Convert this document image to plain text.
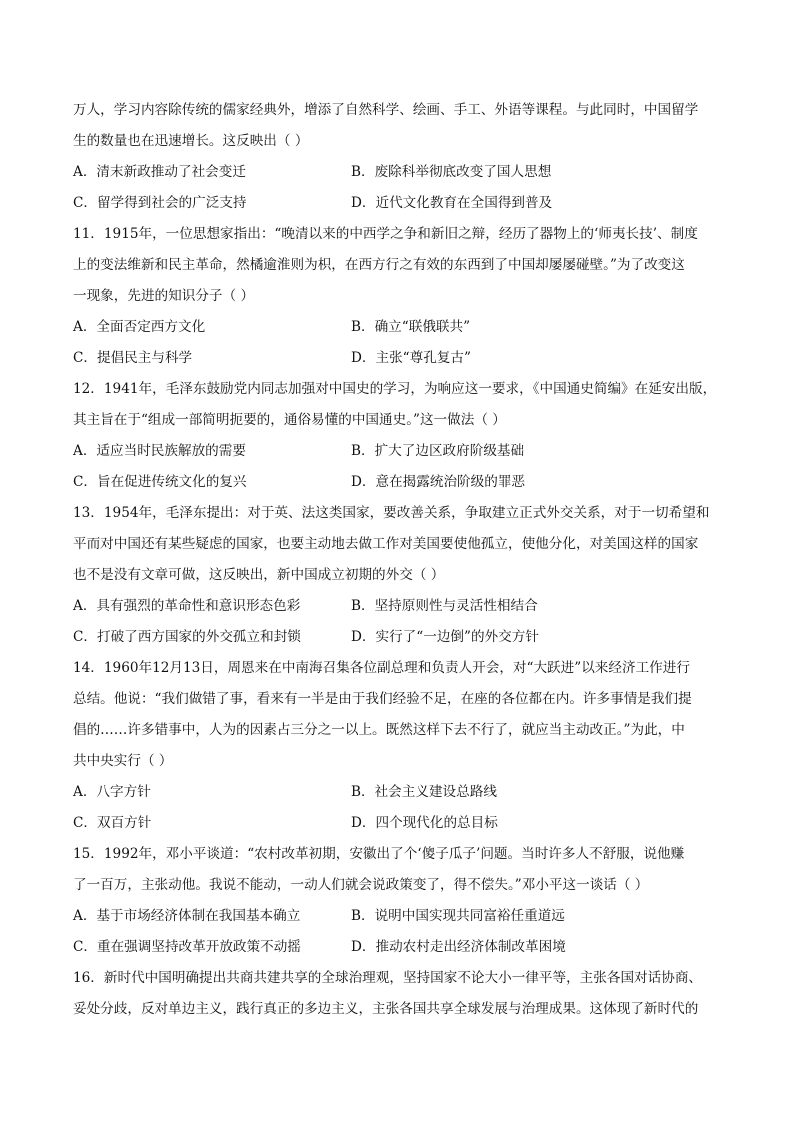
万人，学习内容除传统的儒家经典外，增添了自然科学、绘画、手工、外语等课程。与此同时，中国留学
生的数量也在迅速增长。这反映出（ ）
A．清末新政推动了社会变迁	B．废除科举彻底改变了国人思想
C．留学得到社会的广泛支持	D．近代文化教育在全国得到普及
11．1915年，一位思想家指出：“晚清以来的中西学之争和新旧之辩，经历了器物上的‘师夷长技’、制度
上的变法维新和民主革命，然橘逾淮则为枳，在西方行之有效的东西到了中国却屡屡碰壁。”为了改变这
一现象，先进的知识分子（ ）
A．全面否定西方文化	B．确立“联俄联共”
C．提倡民主与科学	D．主张“尊孔复古”
12．1941年，毛泽东鼓励党内同志加强对中国史的学习，为响应这一要求，《中国通史简编》在延安出版，
其主旨在于“组成一部简明扼要的，通俗易懂的中国通史。”这一做法（ ）
A．适应当时民族解放的需要	B．扩大了边区政府阶级基础
C．旨在促进传统文化的复兴	D．意在揭露统治阶级的罪恶
13．1954年，毛泽东提出：对于英、法这类国家，要改善关系，争取建立正式外交关系，对于一切希望和
平而对中国还有某些疑虑的国家，也要主动地去做工作对美国要使他孤立，使他分化，对美国这样的国家
也不是没有文章可做，这反映出，新中国成立初期的外交（ ）
A．具有强烈的革命性和意识形态色彩	B．坚持原则性与灵活性相结合
C．打破了西方国家的外交孤立和封锁	D．实行了“一边倒”的外交方针
14．1960年12月13日，周恩来在中南海召集各位副总理和负责人开会，对“大跃进”以来经济工作进行
总结。他说：“我们做错了事，看来有一半是由于我们经验不足，在座的各位都在内。许多事情是我们提
倡的……许多错事中，人为的因素占三分之一以上。既然这样下去不行了，就应当主动改正。”为此，中
共中央实行（ ）
A．八字方针	B．社会主义建设总路线
C．双百方针	D．四个现代化的总目标
15．1992年，邓小平谈道：“农村改革初期，安徽出了个‘傻子瓜子’问题。当时许多人不舒服，说他赚
了一百万，主张动他。我说不能动，一动人们就会说政策变了，得不偿失。”邓小平这一谈话（ ）
A．基于市场经济体制在我国基本确立	B．说明中国实现共同富裕任重道远
C．重在强调坚持改革开放政策不动摇	D．推动农村走出经济体制改革困境
16．新时代中国明确提出共商共建共享的全球治理观，坚持国家不论大小一律平等，主张各国对话协商、
妥处分歧，反对单边主义，践行真正的多边主义，主张各国共享全球发展与治理成果。这体现了新时代的
